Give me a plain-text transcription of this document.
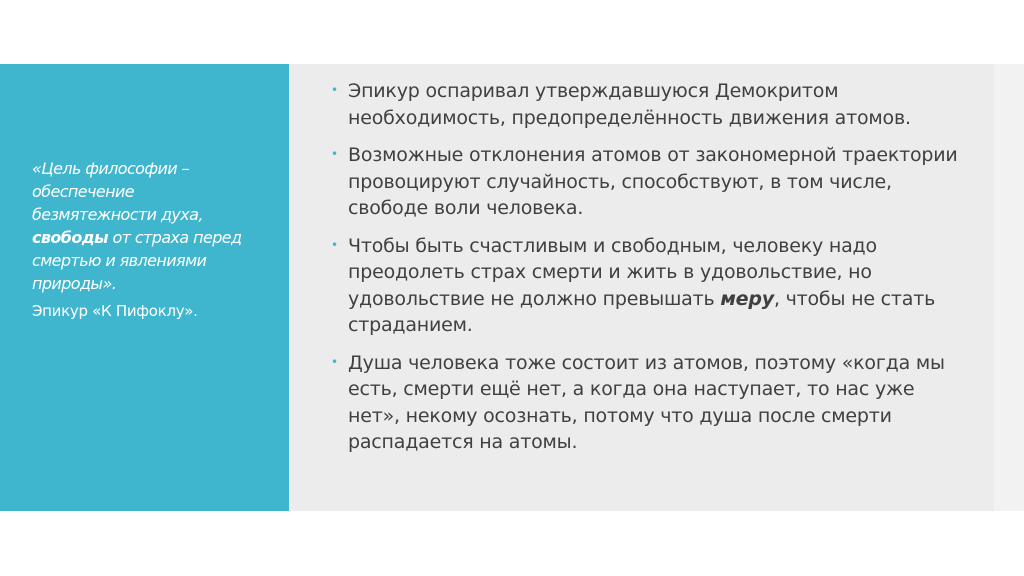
«Цель философии – обеспечение безмятежности духа, свободы от страха перед смертью и явлениями природы».
Эпикур «К Пифоклу».
• Эпикур оспаривал утверждавшуюся Демокритом необходимость, предопределённость движения атомов.
• Возможные отклонения атомов от закономерной траектории провоцируют случайность, способствуют, в том числе, свободе воли человека.
• Чтобы быть счастливым и свободным, человеку надо преодолеть страх смерти и жить в удовольствие, но удовольствие не должно превышать меру, чтобы не стать страданием.
• Душа человека тоже состоит из атомов, поэтому «когда мы есть, смерти ещё нет, а когда она наступает, то нас уже нет», некому осознать, потому что душа после смерти распадается на атомы.
